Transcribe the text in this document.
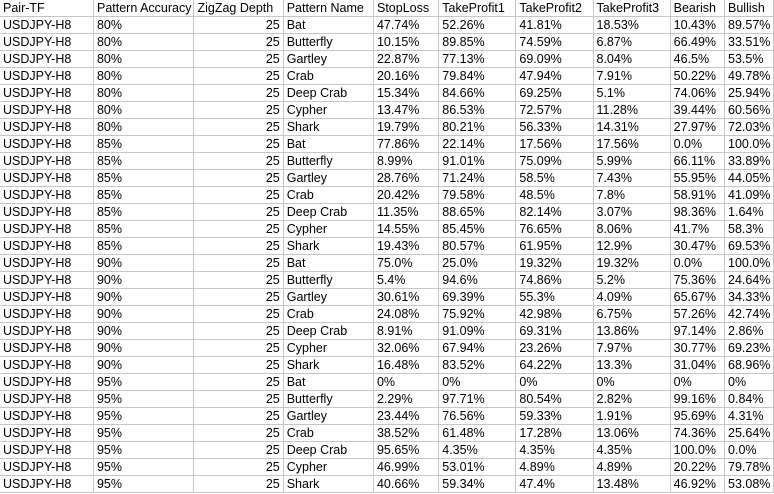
Pair-TF	Pattern Accuracy	ZigZag Depth	Pattern Name	StopLoss	TakeProfit1	TakeProfit2	TakeProfit3	Bearish	Bullish
USDJPY-H8	80%	25	Bat	47.74%	52.26%	41.81%	18.53%	10.43%	89.57%
USDJPY-H8	80%	25	Butterfly	10.15%	89.85%	74.59%	6.87%	66.49%	33.51%
USDJPY-H8	80%	25	Gartley	22.87%	77.13%	69.09%	8.04%	46.5%	53.5%
USDJPY-H8	80%	25	Crab	20.16%	79.84%	47.94%	7.91%	50.22%	49.78%
USDJPY-H8	80%	25	Deep Crab	15.34%	84.66%	69.25%	5.1%	74.06%	25.94%
USDJPY-H8	80%	25	Cypher	13.47%	86.53%	72.57%	11.28%	39.44%	60.56%
USDJPY-H8	80%	25	Shark	19.79%	80.21%	56.33%	14.31%	27.97%	72.03%
USDJPY-H8	85%	25	Bat	77.86%	22.14%	17.56%	17.56%	0.0%	100.0%
USDJPY-H8	85%	25	Butterfly	8.99%	91.01%	75.09%	5.99%	66.11%	33.89%
USDJPY-H8	85%	25	Gartley	28.76%	71.24%	58.5%	7.43%	55.95%	44.05%
USDJPY-H8	85%	25	Crab	20.42%	79.58%	48.5%	7.8%	58.91%	41.09%
USDJPY-H8	85%	25	Deep Crab	11.35%	88.65%	82.14%	3.07%	98.36%	1.64%
USDJPY-H8	85%	25	Cypher	14.55%	85.45%	76.65%	8.06%	41.7%	58.3%
USDJPY-H8	85%	25	Shark	19.43%	80.57%	61.95%	12.9%	30.47%	69.53%
USDJPY-H8	90%	25	Bat	75.0%	25.0%	19.32%	19.32%	0.0%	100.0%
USDJPY-H8	90%	25	Butterfly	5.4%	94.6%	74.86%	5.2%	75.36%	24.64%
USDJPY-H8	90%	25	Gartley	30.61%	69.39%	55.3%	4.09%	65.67%	34.33%
USDJPY-H8	90%	25	Crab	24.08%	75.92%	42.98%	6.75%	57.26%	42.74%
USDJPY-H8	90%	25	Deep Crab	8.91%	91.09%	69.31%	13.86%	97.14%	2.86%
USDJPY-H8	90%	25	Cypher	32.06%	67.94%	23.26%	7.97%	30.77%	69.23%
USDJPY-H8	90%	25	Shark	16.48%	83.52%	64.22%	13.3%	31.04%	68.96%
USDJPY-H8	95%	25	Bat	0%	0%	0%	0%	0%	0%
USDJPY-H8	95%	25	Butterfly	2.29%	97.71%	80.54%	2.82%	99.16%	0.84%
USDJPY-H8	95%	25	Gartley	23.44%	76.56%	59.33%	1.91%	95.69%	4.31%
USDJPY-H8	95%	25	Crab	38.52%	61.48%	17.28%	13.06%	74.36%	25.64%
USDJPY-H8	95%	25	Deep Crab	95.65%	4.35%	4.35%	4.35%	100.0%	0.0%
USDJPY-H8	95%	25	Cypher	46.99%	53.01%	4.89%	4.89%	20.22%	79.78%
USDJPY-H8	95%	25	Shark	40.66%	59.34%	47.4%	13.48%	46.92%	53.08%
